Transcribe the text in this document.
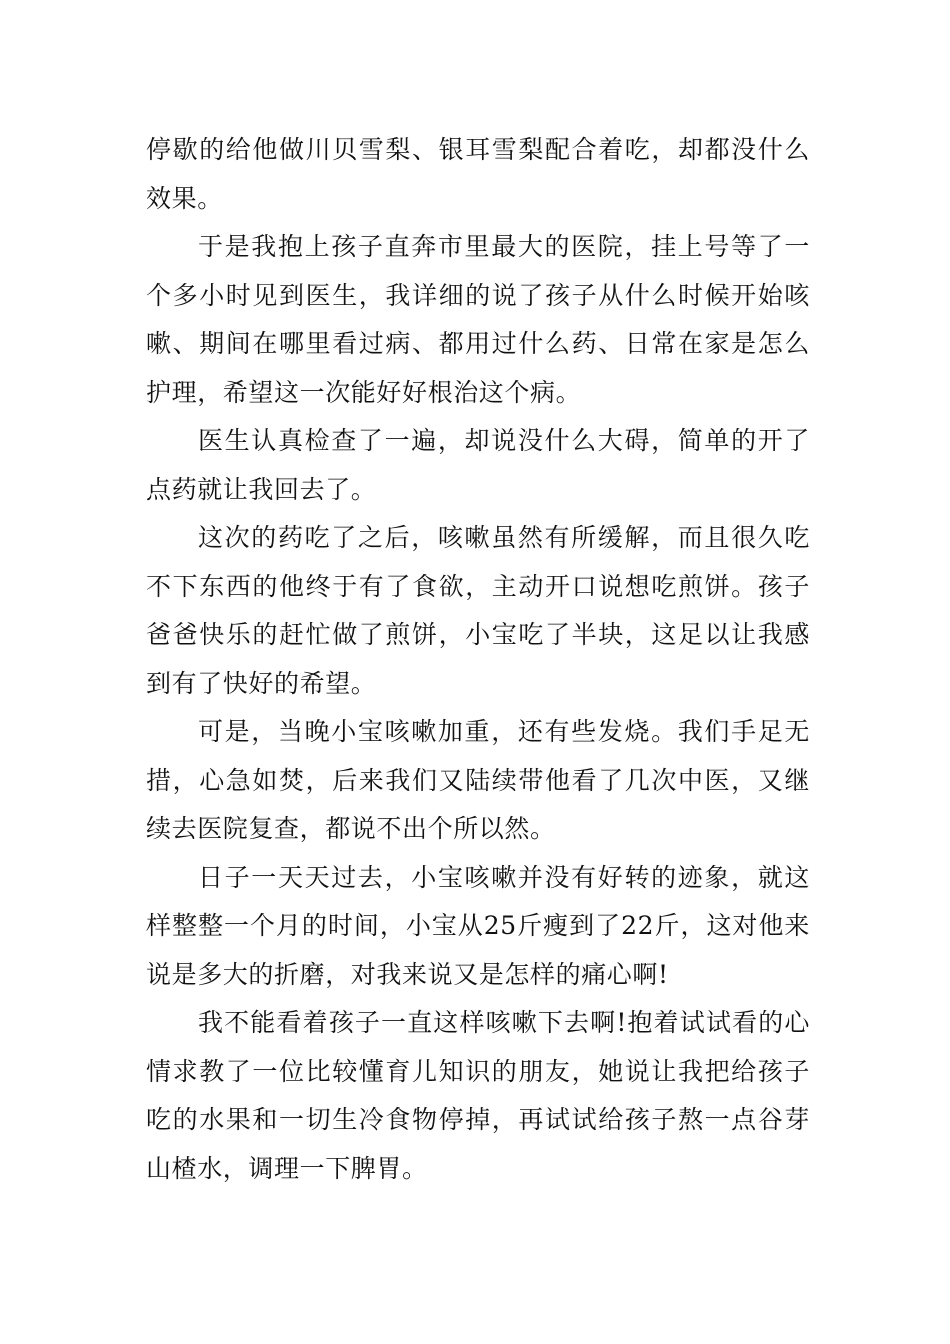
停歇的给他做川贝雪梨、银耳雪梨配合着吃，却都没什么效果。

于是我抱上孩子直奔市里最大的医院，挂上号等了一个多小时见到医生，我详细的说了孩子从什么时候开始咳嗽、期间在哪里看过病、都用过什么药、日常在家是怎么护理，希望这一次能好好根治这个病。

医生认真检查了一遍，却说没什么大碍，简单的开了点药就让我回去了。

这次的药吃了之后，咳嗽虽然有所缓解，而且很久吃不下东西的他终于有了食欲，主动开口说想吃煎饼。孩子爸爸快乐的赶忙做了煎饼，小宝吃了半块，这足以让我感到有了快好的希望。

可是，当晚小宝咳嗽加重，还有些发烧。我们手足无措，心急如焚，后来我们又陆续带他看了几次中医，又继续去医院复查，都说不出个所以然。

日子一天天过去，小宝咳嗽并没有好转的迹象，就这样整整一个月的时间，小宝从25斤瘦到了22斤，这对他来说是多大的折磨，对我来说又是怎样的痛心啊!

我不能看着孩子一直这样咳嗽下去啊!抱着试试看的心情求教了一位比较懂育儿知识的朋友，她说让我把给孩子吃的水果和一切生冷食物停掉，再试试给孩子熬一点谷芽山楂水，调理一下脾胃。
